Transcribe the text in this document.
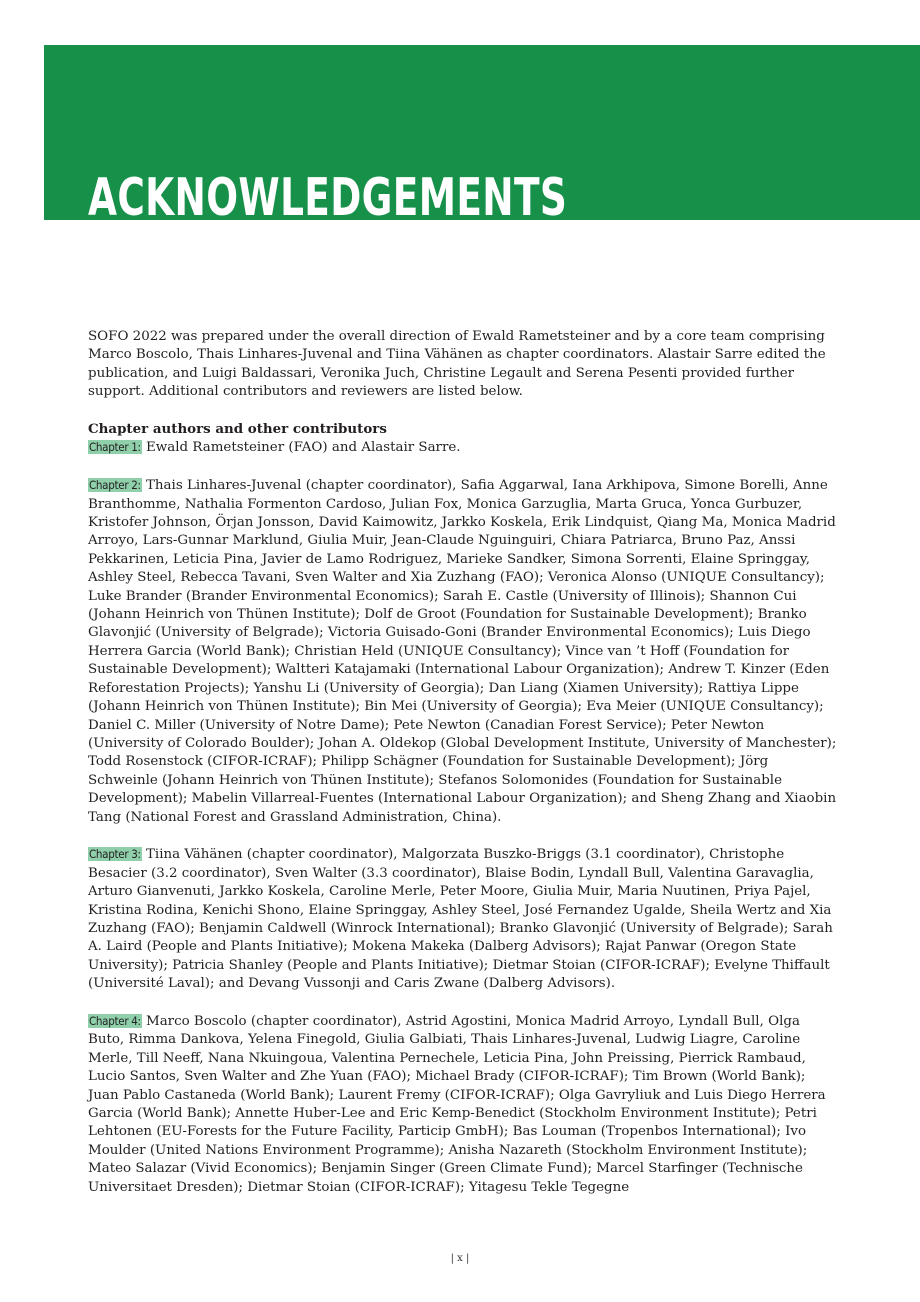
ACKNOWLEDGEMENTS

SOFO 2022 was prepared under the overall direction of Ewald Rametsteiner and by a core team comprising Marco Boscolo, Thais Linhares-Juvenal and Tiina Vähänen as chapter coordinators. Alastair Sarre edited the publication, and Luigi Baldassari, Veronika Juch, Christine Legault and Serena Pesenti provided further support. Additional contributors and reviewers are listed below.

Chapter authors and other contributors
Chapter 1: Ewald Rametsteiner (FAO) and Alastair Sarre.

Chapter 2: Thais Linhares-Juvenal (chapter coordinator), Safia Aggarwal, Iana Arkhipova, Simone Borelli, Anne Branthomme, Nathalia Formenton Cardoso, Julian Fox, Monica Garzuglia, Marta Gruca, Yonca Gurbuzer, Kristofer Johnson, Örjan Jonsson, David Kaimowitz, Jarkko Koskela, Erik Lindquist, Qiang Ma, Monica Madrid Arroyo, Lars-Gunnar Marklund, Giulia Muir, Jean-Claude Nguinguiri, Chiara Patriarca, Bruno Paz, Anssi Pekkarinen, Leticia Pina, Javier de Lamo Rodriguez, Marieke Sandker, Simona Sorrenti, Elaine Springgay, Ashley Steel, Rebecca Tavani, Sven Walter and Xia Zuzhang (FAO); Veronica Alonso (UNIQUE Consultancy); Luke Brander (Brander Environmental Economics); Sarah E. Castle (University of Illinois); Shannon Cui (Johann Heinrich von Thünen Institute); Dolf de Groot (Foundation for Sustainable Development); Branko Glavonjić (University of Belgrade); Victoria Guisado-Goni (Brander Environmental Economics); Luis Diego Herrera Garcia (World Bank); Christian Held (UNIQUE Consultancy); Vince van ’t Hoff (Foundation for Sustainable Development); Waltteri Katajamaki (International Labour Organization); Andrew T. Kinzer (Eden Reforestation Projects); Yanshu Li (University of Georgia); Dan Liang (Xiamen University); Rattiya Lippe (Johann Heinrich von Thünen Institute); Bin Mei (University of Georgia); Eva Meier (UNIQUE Consultancy); Daniel C. Miller (University of Notre Dame); Pete Newton (Canadian Forest Service); Peter Newton (University of Colorado Boulder); Johan A. Oldekop (Global Development Institute, University of Manchester); Todd Rosenstock (CIFOR-ICRAF); Philipp Schägner (Foundation for Sustainable Development); Jörg Schweinle (Johann Heinrich von Thünen Institute); Stefanos Solomonides (Foundation for Sustainable Development); Mabelin Villarreal-Fuentes (International Labour Organization); and Sheng Zhang and Xiaobin Tang (National Forest and Grassland Administration, China).

Chapter 3: Tiina Vähänen (chapter coordinator), Malgorzata Buszko-Briggs (3.1 coordinator), Christophe Besacier (3.2 coordinator), Sven Walter (3.3 coordinator), Blaise Bodin, Lyndall Bull, Valentina Garavaglia, Arturo Gianvenuti, Jarkko Koskela, Caroline Merle, Peter Moore, Giulia Muir, Maria Nuutinen, Priya Pajel, Kristina Rodina, Kenichi Shono, Elaine Springgay, Ashley Steel, José Fernandez Ugalde, Sheila Wertz and Xia Zuzhang (FAO); Benjamin Caldwell (Winrock International); Branko Glavonjić (University of Belgrade); Sarah A. Laird (People and Plants Initiative); Mokena Makeka (Dalberg Advisors); Rajat Panwar (Oregon State University); Patricia Shanley (People and Plants Initiative); Dietmar Stoian (CIFOR-ICRAF); Evelyne Thiffault (Université Laval); and Devang Vussonji and Caris Zwane (Dalberg Advisors).

Chapter 4: Marco Boscolo (chapter coordinator), Astrid Agostini, Monica Madrid Arroyo, Lyndall Bull, Olga Buto, Rimma Dankova, Yelena Finegold, Giulia Galbiati, Thais Linhares-Juvenal, Ludwig Liagre, Caroline Merle, Till Neeff, Nana Nkuingoua, Valentina Pernechele, Leticia Pina, John Preissing, Pierrick Rambaud, Lucio Santos, Sven Walter and Zhe Yuan (FAO); Michael Brady (CIFOR-ICRAF); Tim Brown (World Bank); Juan Pablo Castaneda (World Bank); Laurent Fremy (CIFOR-ICRAF); Olga Gavryliuk and Luis Diego Herrera Garcia (World Bank); Annette Huber-Lee and Eric Kemp-Benedict (Stockholm Environment Institute); Petri Lehtonen (EU-Forests for the Future Facility, Particip GmbH); Bas Louman (Tropenbos International); Ivo Moulder (United Nations Environment Programme); Anisha Nazareth (Stockholm Environment Institute); Mateo Salazar (Vivid Economics); Benjamin Singer (Green Climate Fund); Marcel Starfinger (Technische Universitaet Dresden); Dietmar Stoian (CIFOR-ICRAF); Yitagesu Tekle Tegegne

| x |
